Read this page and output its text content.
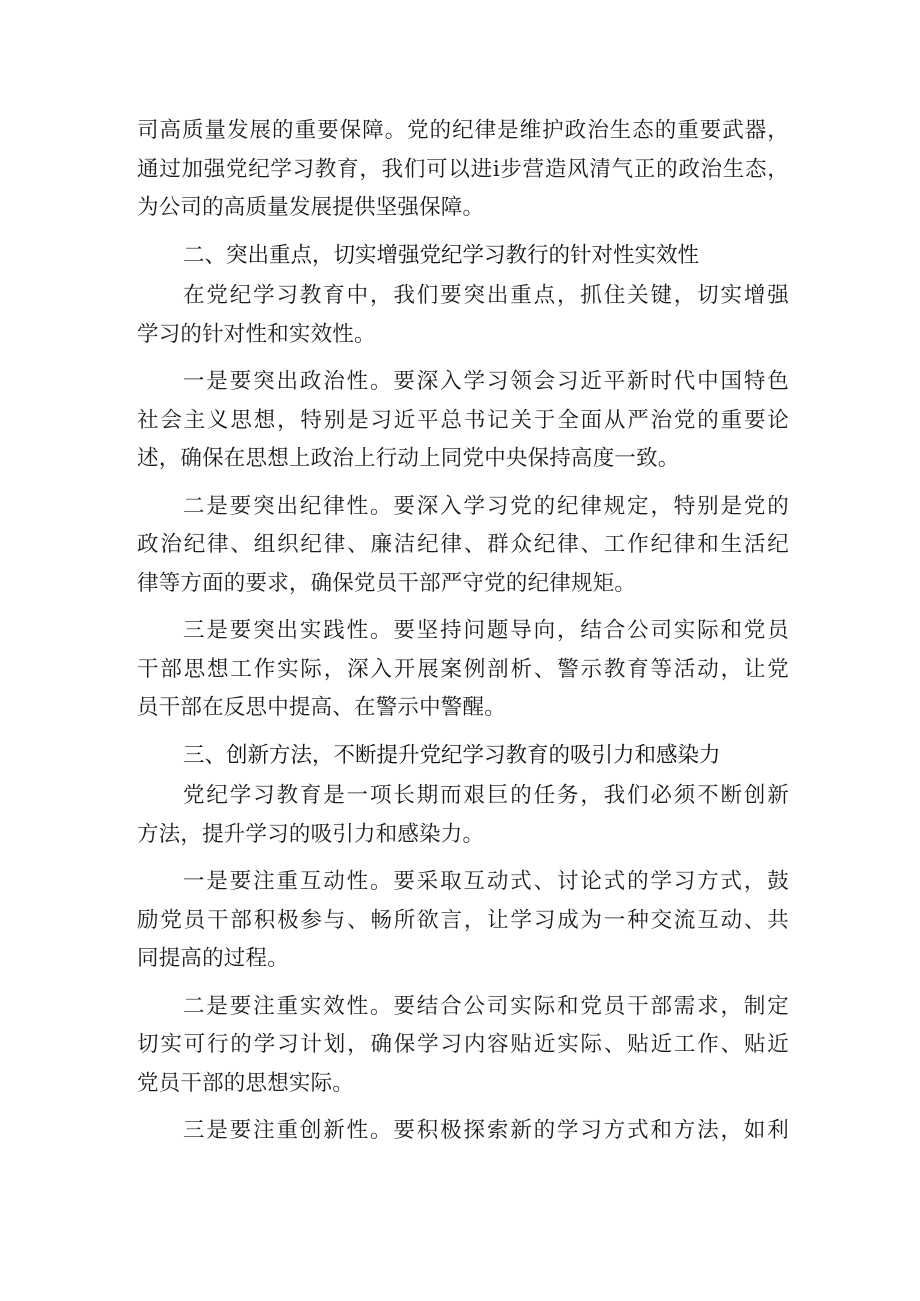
司高质量发展的重要保障。党的纪律是维护政治生态的重要武器，
通过加强党纪学习教育，我们可以进i步营造风清气正的政治生态，
为公司的高质量发展提供坚强保障。
二、突出重点，切实增强党纪学习教行的针对性实效性
在党纪学习教育中，我们要突出重点，抓住关键，切实增强
学习的针对性和实效性。
一是要突出政治性。要深入学习领会习近平新时代中国特色
社会主义思想，特别是习近平总书记关于全面从严治党的重要论
述，确保在思想上政治上行动上同党中央保持高度一致。
二是要突出纪律性。要深入学习党的纪律规定，特别是党的
政治纪律、组织纪律、廉洁纪律、群众纪律、工作纪律和生活纪
律等方面的要求，确保党员干部严守党的纪律规矩。
三是要突出实践性。要坚持问题导向，结合公司实际和党员
干部思想工作实际，深入开展案例剖析、警示教育等活动，让党
员干部在反思中提高、在警示中警醒。
三、创新方法，不断提升党纪学习教育的吸引力和感染力
党纪学习教育是一项长期而艰巨的任务，我们必须不断创新
方法，提升学习的吸引力和感染力。
一是要注重互动性。要采取互动式、讨论式的学习方式，鼓
励党员干部积极参与、畅所欲言，让学习成为一种交流互动、共
同提高的过程。
二是要注重实效性。要结合公司实际和党员干部需求，制定
切实可行的学习计划，确保学习内容贴近实际、贴近工作、贴近
党员干部的思想实际。
三是要注重创新性。要积极探索新的学习方式和方法，如利
